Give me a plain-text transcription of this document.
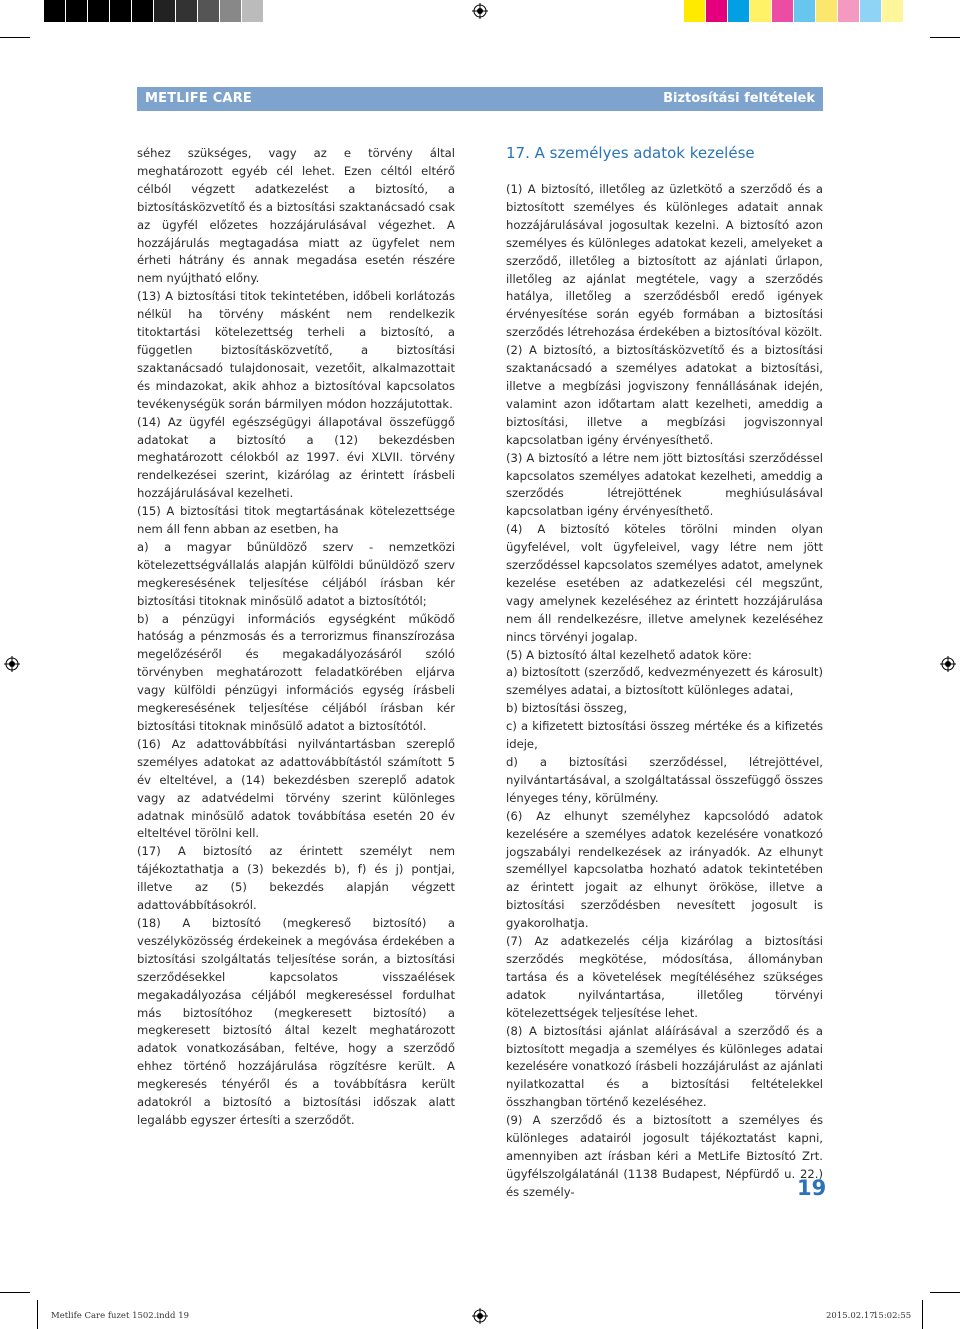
METLIFE CARE	Biztosítási feltételek

séhez szükséges, vagy az e törvény által meghatározott egyéb cél lehet. Ezen céltól eltérő célból végzett adatkezelést a biztosító, a biztosításközvetítő és a biztosítási szaktanácsadó csak az ügyfél előzetes hozzájárulásával végezhet. A hozzájárulás megtagadása miatt az ügyfelet nem érheti hátrány és annak megadása esetén részére nem nyújtható előny.

(13) A biztosítási titok tekintetében, időbeli korlátozás nélkül ha törvény másként nem rendelkezik titoktartási kötelezettség terheli a biztosító, a független biztosításközvetítő, a biztosítási szaktanácsadó tulajdonosait, vezetőit, alkalmazottait és mindazokat, akik ahhoz a biztosítóval kapcsolatos tevékenységük során bármilyen módon hozzájutottak.

(14) Az ügyfél egészségügyi állapotával összefüggő adatokat a biztosító a (12) bekezdésben meghatározott célokból az 1997. évi XLVII. törvény rendelkezései szerint, kizárólag az érintett írásbeli hozzájárulásával kezelheti.

(15) A biztosítási titok megtartásának kötelezettsége nem áll fenn abban az esetben, ha

a) a magyar bűnüldöző szerv - nemzetközi kötelezettségvállalás alapján külföldi bűnüldöző szerv megkeresésének teljesítése céljából írásban kér biztosítási titoknak minősülő adatot a biztosítótól;

b) a pénzügyi információs egységként működő hatóság a pénzmosás és a terrorizmus finanszírozása megelőzéséről és megakadályozásáról szóló törvényben meghatározott feladatkörében eljárva vagy külföldi pénzügyi információs egység írásbeli megkeresésének teljesítése céljából írásban kér biztosítási titoknak minősülő adatot a biztosítótól.

(16) Az adattovábbítási nyilvántartásban szereplő személyes adatokat az adattovábbítástól számított 5 év elteltével, a (14) bekezdésben szereplő adatok vagy az adatvédelmi törvény szerint különleges adatnak minősülő adatok továbbítása esetén 20 év elteltével törölni kell.

(17) A biztosító az érintett személyt nem tájékoztathatja a (3) bekezdés b), f) és j) pontjai, illetve az (5) bekezdés alapján végzett adattovábbításokról.

(18) A biztosító (megkereső biztosító) a veszélyközösség érdekeinek a megóvása érdekében a biztosítási szolgáltatás teljesítése során, a biztosítási szerződésekkel kapcsolatos visszaélések megakadályozása céljából megkereséssel fordulhat más biztosítóhoz (megkeresett biztosító) a megkeresett biztosító által kezelt meghatározott adatok vonatkozásában, feltéve, hogy a szerződő ehhez történő hozzájárulása rögzítésre került. A megkeresés tényéről és a továbbításra került adatokról a biztosító a biztosítási időszak alatt legalább egyszer értesíti a szerződőt.

17. A személyes adatok kezelése

(1) A biztosító, illetőleg az üzletkötő a szerződő és a biztosított személyes és különleges adatait annak hozzájárulásával jogosultak kezelni. A biztosító azon személyes és különleges adatokat kezeli, amelyeket a szerződő, illetőleg a biztosított az ajánlati űrlapon, illetőleg az ajánlat megtétele, vagy a szerződés hatálya, illetőleg a szerződésből eredő igények érvényesítése során egyéb formában a biztosítási szerződés létrehozása érdekében a biztosítóval közölt.

(2) A biztosító, a biztosításközvetítő és a biztosítási szaktanácsadó a személyes adatokat a biztosítási, illetve a megbízási jogviszony fennállásának idején, valamint azon időtartam alatt kezelheti, ameddig a biztosítási, illetve a megbízási jogviszonnyal kapcsolatban igény érvényesíthető.

(3) A biztosító a létre nem jött biztosítási szerződéssel kapcsolatos személyes adatokat kezelheti, ameddig a szerződés létrejöttének meghiúsulásával kapcsolatban igény érvényesíthető.

(4) A biztosító köteles törölni minden olyan ügyfelével, volt ügyfeleivel, vagy létre nem jött szerződéssel kapcsolatos személyes adatot, amelynek kezelése esetében az adatkezelési cél megszűnt, vagy amelynek kezeléséhez az érintett hozzájárulása nem áll rendelkezésre, illetve amelynek kezeléséhez nincs törvényi jogalap.

(5) A biztosító által kezelhető adatok köre:

a) biztosított (szerződő, kedvezményezett és károsult) személyes adatai, a biztosított különleges adatai,

b) biztosítási összeg,

c) a kifizetett biztosítási összeg mértéke és a kifizetés ideje,

d) a biztosítási szerződéssel, létrejöttével, nyilvántartásával, a szolgáltatással összefüggő összes lényeges tény, körülmény.

(6) Az elhunyt személyhez kapcsolódó adatok kezelésére a személyes adatok kezelésére vonatkozó jogszabályi rendelkezések az irányadók. Az elhunyt személlyel kapcsolatba hozható adatok tekintetében az érintett jogait az elhunyt örököse, illetve a biztosítási szerződésben nevesített jogosult is gyakorolhatja.

(7) Az adatkezelés célja kizárólag a biztosítási szerződés megkötése, módosítása, állományban tartása és a követelések megítéléséhez szükséges adatok nyilvántartása, illetőleg törvényi kötelezettségek teljesítése lehet.

(8) A biztosítási ajánlat aláírásával a szerződő és a biztosított megadja a személyes és különleges adatai kezelésére vonatkozó írásbeli hozzájárulást az ajánlati nyilatkozattal és a biztosítási feltételekkel összhangban történő kezeléséhez.

(9) A szerződő és a biztosított a személyes és különleges adatairól jogosult tájékoztatást kapni, amennyiben azt írásban kéri a MetLife Biztosító Zrt. ügyfélszolgálatánál (1138 Budapest, Népfürdő u. 22.) és személy-	19
Metlife Care fuzet 1502.indd 19	2015.02.17.
15:02:55
